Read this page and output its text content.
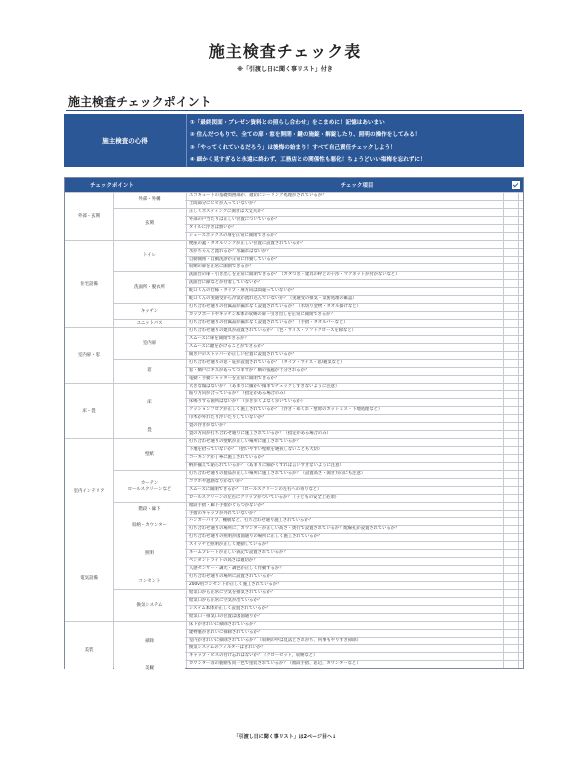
施主検査チェック表
※「引渡し日に聞く事リスト」付き
施主検査チェックポイント
施主検査の心得
①「最終図面・プレゼン資料との照らし合わせ」をこまめに！記憶はあいまい
② 住んだつもりで、全ての扉・窓を開閉・鍵の施錠・解錠したり、照明の操作をしてみる！
③「やってくれているだろう」は後悔の始まり！すべて自己責任チェックしよう！
④ 細かく見すぎると永遠に終わず、工務店との関係性も悪化！ちょうどいい塩梅を忘れずに！
チェックポイント	チェック項目
外部・玄関
住宅設備
室内扉・窓
床・畳
室内インテリア
電気設備
美装
外部・外構
玄関
トイレ
洗面所・脱衣所
キッチン
ユニットバス
室内扉
窓
床
畳
壁紙
カーテン
ロールスクリーンなど
階段・廊下
収納・カウンター
照明
コンセント
換気システム
掃除
美観
エコキュートの基礎周囲部が、適切にシーリング処理がされているか？
土間部分にヒビが入っていないか？
正しくポスティングに開きは大丈夫か？
外部の戸当たりは正しい位置についているか？
タイルに浮きは無いか？
シューズボックスの扉を正常に開閉できるか？
便座の蓋・タオルリングが正しい位置に設置されているか？
水がちゃんと流れるか？水漏れはないか？
自動開閉・自動洗浄が正常に作動しているか？
収納の扉を正常に開閉できるか？
洗面台の扉・引き出しを正常に開閉できるか？（ガタつき・建具の枠との干渉・マグネットが付かないなど）
洗面台に隙などが付着していないか？
蛇口くんの仕様・タイプ・扉方向は間違っていないか？
蛇口くんの実通受から冷気が流れ込んでいないか？（実通受の排気・気密処理の確認）
打ち合わせ通りの付属品が漏れなく設置されているか？（水切り金物・タオル掛けなど）
カップボードやキッチン本体の収納の扉・引き出しを正常に開閉できるか？
打ち合わせ通りの付属品が漏れなく設置されているか？（手摺・タオルバーなど）
打ち合わせ通りの建具が設置されているか？（色・サイズ・ソフトクローズを除など）
スムーズに扉を開閉できるか？
スムーズに鍵をかけることができるか？
開き戸のストッパーが正しい位置に設置されているか？
打ち合わせ通りの窓・庇が設置されているか？（タイプ・サイズ・窓/通気など）
窓・網戸にキズがあってつまずか？網の張越が十分されるか？
電動・手動シャッターを正常に開閉できるか？
大きな傷はないか？（あまりに細かい傷までチェックしすぎないように注意）
貼り方向が合っているか？（指定がある場合のみ）
床鳴りする箇所はないか？（歩き歩くよなく歩いているか）
クッションフロアが正しく施工されているか？（浮き・めくれ・壁際のカットミス・下地処理など）
巾木が外れたり浮いたりしていないか？
畳の浮きがないか？
畳の方向が打ち合わせ通りに施工されているか？（指定がある場合のみ）
打ち合わせ通りの壁紙が正しい場所に施工されているか？
下地を拾っていないか？（拾いやすい壁紙を選択しないことも大切）
コーキングが丁寧に施工されているか？
柄が揃えて貼られているか？（あまりに細かくずれは言いすぎないように注意）
打ち合わせ通りの製品が正しい場所に施工されているか？（設置高さ・開き方向にも注意）
ゴツホや遮熱なりがないか？
スムーズに開閉できるか？（ロールスクリーンの左右への寄りなど）
ロールスクリーンの左右にクリップがついているか？（子どもの安全上必須）
階段手摺・廊下手摺がぐらつかないか？
手摺のキャップが外れていないか？
ハンガーパイプ、棚板など、打ち合わせ通り施工されているか？
打ち合わせ通りの場所に、カウンターが正しい高さ・奥行で設置されているか？配線孔が設置されているか？
打ち合わせ通りの照明が図面通りの場所に正しく施工されているか？
スイッチと照明が正しく連動しているか？
ネームプレートが正しい表記で設置されているか？
ペンダントライトの高さは適切か？
人感センサー・調光・調色が正しく作動するか？
打ち合わせ通りの場所に設置されているか？
200v用コンセントが正しく施工されているか？
給気口から正常に空気を排気されているか？
給気口から正常に空気が出ているか？
システム本体が正しく設置されているか？
給気口・排気口の位置は図面通りか？
床下がきれいに掃除されているか？
建物裏がきれいに掃除されているか？
室内がきれいに掃除されているか？（収納の中は見落とされがち、何事もやりすぎ掃除）
換気システムのフィルターはきれいか？
キャップ・ビスの付け忘れはないか？（クローゼット、収納など）
カウンター等の裏側も同一色で塗装されているか？（階段手摺、窓辺、カウンターなど）
「引渡し日に聞く事リスト」は2ページ目へ↓
